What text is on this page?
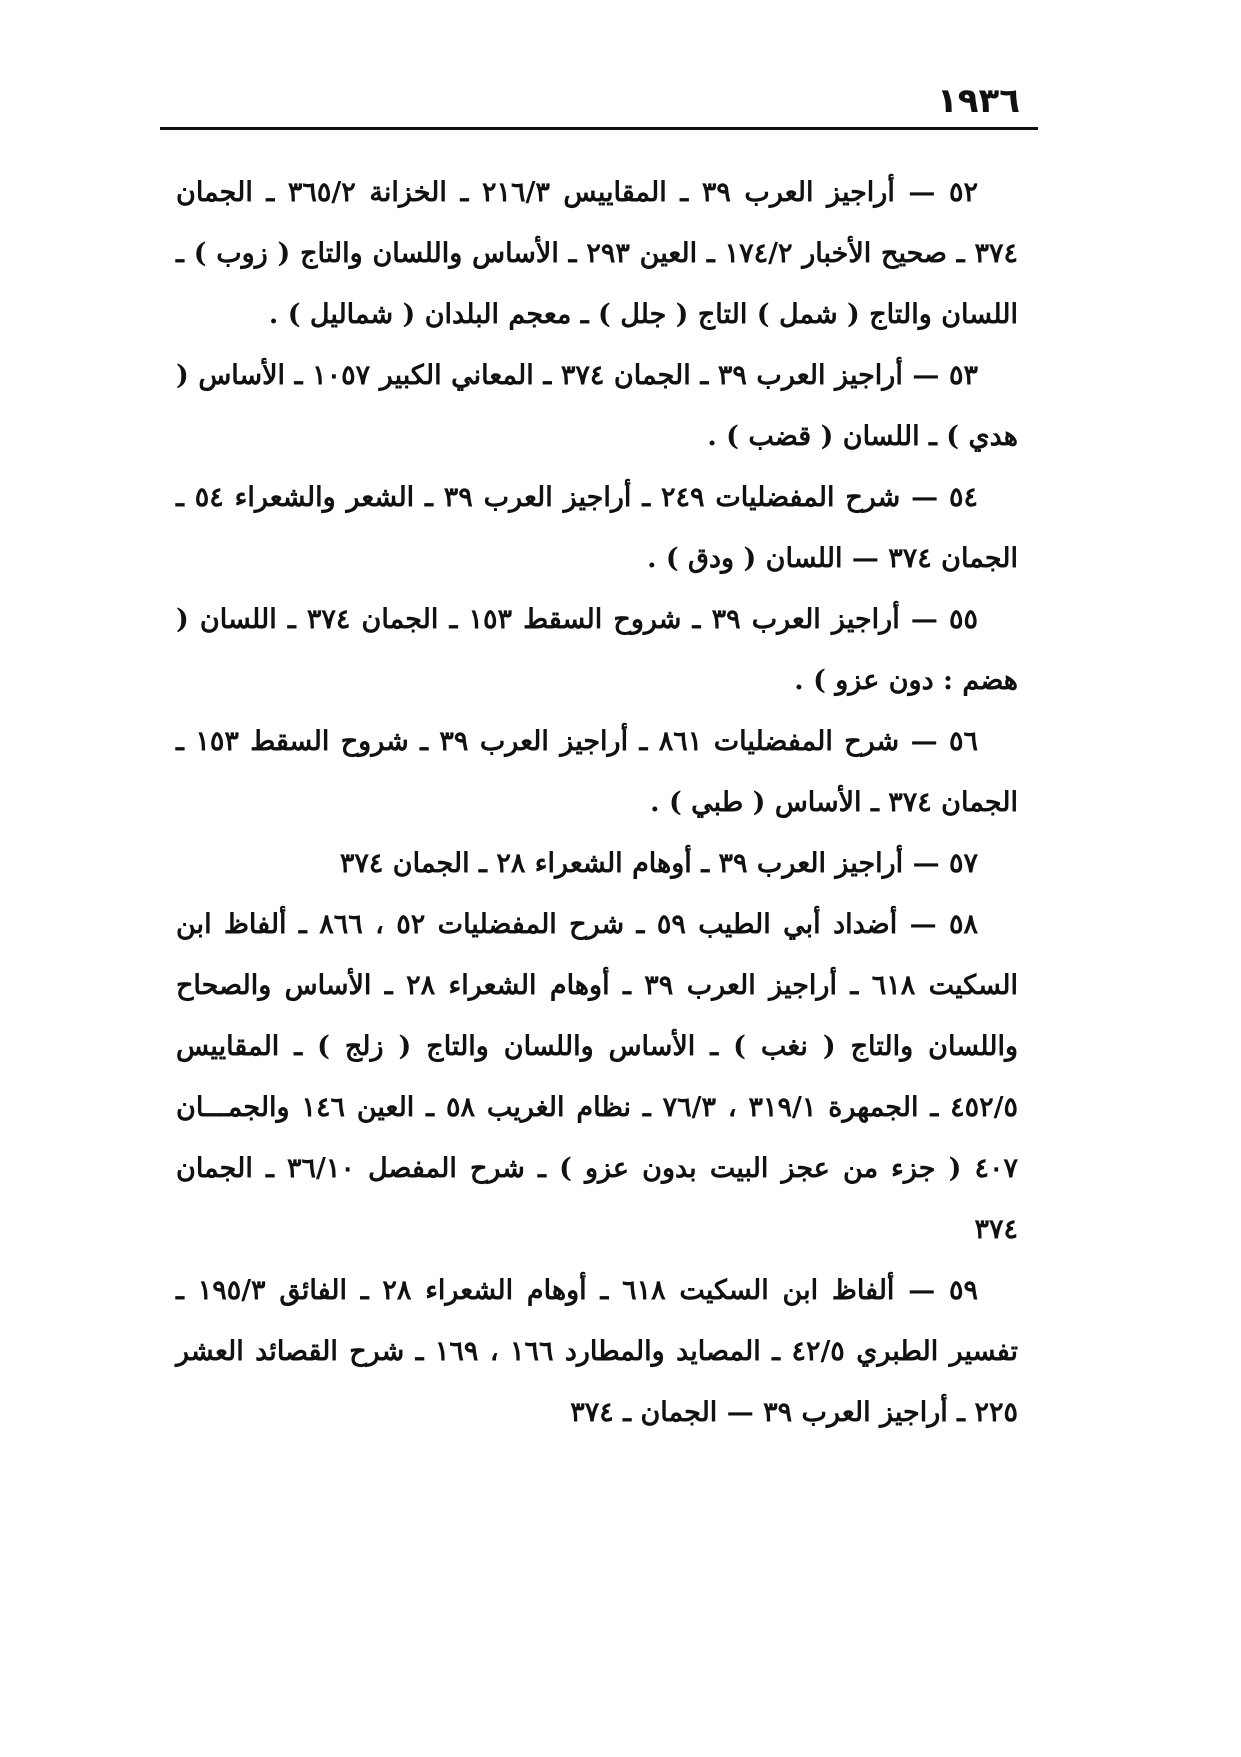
١٩٣٦

٥٢ — أراجيز العرب ٣٩ ـ المقاييس ٢١٦/٣ ـ الخزانة ٣٦٥/٢ ـ الجمان ٣٧٤ ـ صحيح الأخبار ١٧٤/٢ ـ العين ٢٩٣ ـ الأساس واللسان والتاج ( زوب ) ـ اللسان والتاج ( شمل ) التاج ( جلل ) ـ معجم البلدان ( شماليل ) .

٥٣ — أراجيز العرب ٣٩ ـ الجمان ٣٧٤ ـ المعاني الكبير ١٠٥٧ ـ الأساس ( هدي ) ـ اللسان ( قضب ) .

٥٤ — شرح المفضليات ٢٤٩ ـ أراجيز العرب ٣٩ ـ الشعر والشعراء ٥٤ ـ الجمان ٣٧٤ — اللسان ( ودق ) .

٥٥ — أراجيز العرب ٣٩ ـ شروح السقط ١٥٣ ـ الجمان ٣٧٤ ـ اللسان ( هضم : دون عزو ) .

٥٦ — شرح المفضليات ٨٦١ ـ أراجيز العرب ٣٩ ـ شروح السقط ١٥٣ ـ الجمان ٣٧٤ ـ الأساس ( طبي ) .

٥٧ — أراجيز العرب ٣٩ ـ أوهام الشعراء ٢٨ ـ الجمان ٣٧٤

٥٨ — أضداد أبي الطيب ٥٩ ـ شرح المفضليات ٥٢ ، ٨٦٦ ـ ألفاظ ابن السكيت ٦١٨ ـ أراجيز العرب ٣٩ ـ أوهام الشعراء ٢٨ ـ الأساس والصحاح واللسان والتاج ( نغب ) ـ الأساس واللسان والتاج ( زلج ) ـ المقاييس ٤٥٢/٥ ـ الجمهرة ٣١٩/١ ، ٧٦/٣ ـ نظام الغريب ٥٨ ـ العين ١٤٦ والجمـــان ٤٠٧ ( جزء من عجز البيت بدون عزو ) ـ شرح المفصل ٣٦/١٠ ـ الجمان ٣٧٤

٥٩ — ألفاظ ابن السكيت ٦١٨ ـ أوهام الشعراء ٢٨ ـ الفائق ١٩٥/٣ ـ تفسير الطبري ٤٢/٥ ـ المصايد والمطارد ١٦٦ ، ١٦٩ ـ شرح القصائد العشر ٢٢٥ ـ أراجيز العرب ٣٩ — الجمان ـ ٣٧٤
